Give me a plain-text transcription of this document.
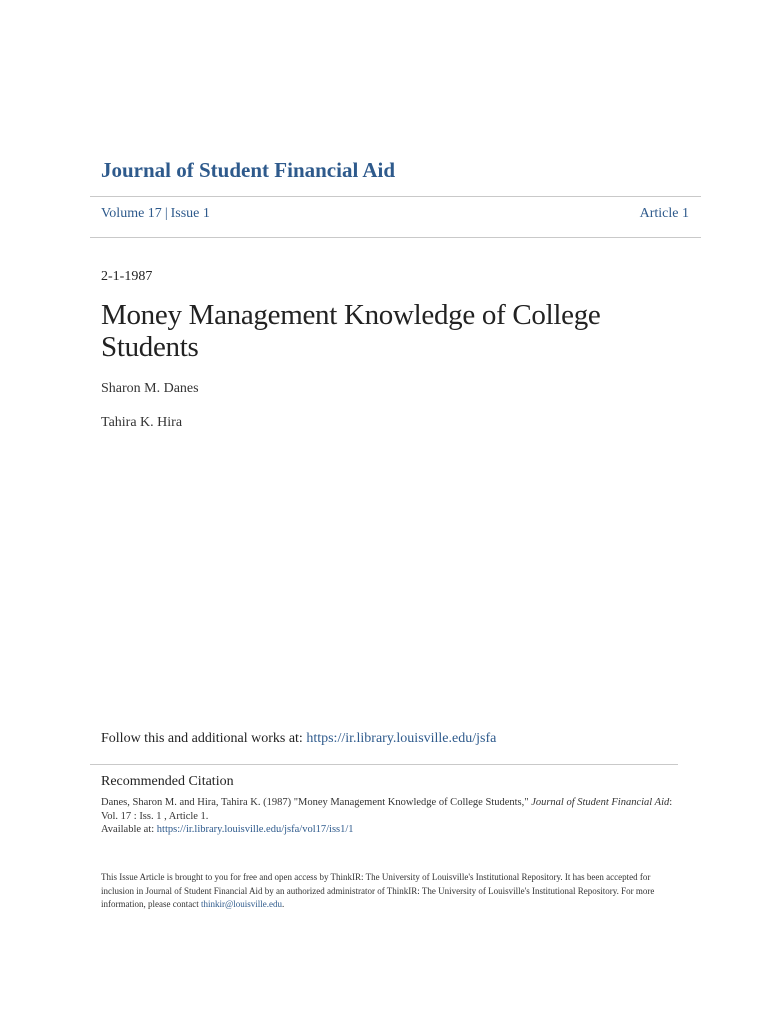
Journal of Student Financial Aid
Volume 17 | Issue 1	Article 1
2-1-1987
Money Management Knowledge of College Students
Sharon M. Danes
Tahira K. Hira
Follow this and additional works at: https://ir.library.louisville.edu/jsfa
Recommended Citation
Danes, Sharon M. and Hira, Tahira K. (1987) "Money Management Knowledge of College Students," Journal of Student Financial Aid: Vol. 17 : Iss. 1 , Article 1.
Available at: https://ir.library.louisville.edu/jsfa/vol17/iss1/1
This Issue Article is brought to you for free and open access by ThinkIR: The University of Louisville's Institutional Repository. It has been accepted for inclusion in Journal of Student Financial Aid by an authorized administrator of ThinkIR: The University of Louisville's Institutional Repository. For more information, please contact thinkir@louisville.edu.
